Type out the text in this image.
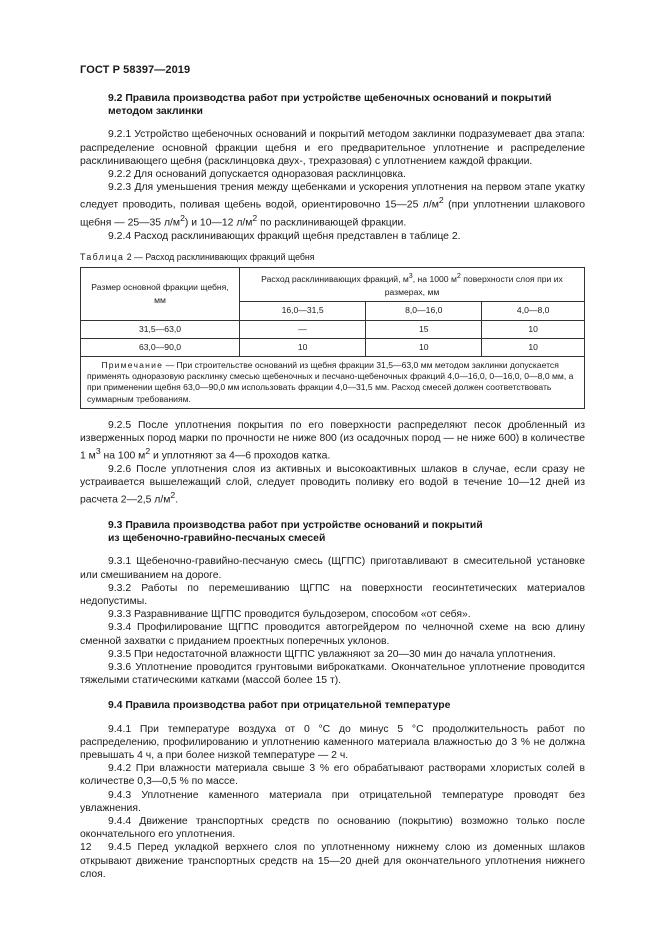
ГОСТ Р 58397—2019
9.2 Правила производства работ при устройстве щебеночных оснований и покрытий
методом заклинки

9.2.1 Устройство щебеночных оснований и покрытий методом заклинки подразумевает два этапа: распределение основной фракции щебня и его предварительное уплотнение и распределение расклинивающего щебня (расклинцовка двух-, трехразовая) с уплотнением каждой фракции.

9.2.2 Для оснований допускается одноразовая расклинцовка.

9.2.3 Для уменьшения трения между щебенками и ускорения уплотнения на первом этапе укатку следует проводить, поливая щебень водой, ориентировочно 15—25 $л/м^2$ (при уплотнении шлакового щебня — 25—35 $л/м^2$) и 10—12 $л/м^2$ по расклинивающей фракции.

9.2.4 Расход расклинивающих фракций щебня представлен в таблице 2.

Таблица 2 — Расход расклинивающих фракций щебня
Размер основной фракции щебня, мм	Расход расклинивающих фракций, $м^3$, на 1000 $м^2$ поверхности слоя при их размерах, мм		
	16,0—31,5	8,0—16,0	4,0—8,0
31,5—63,0	—	15	10
63,0—90,0	10	10	10
Примечание — При строительстве оснований из щебня фракции 31,5—63,0 мм методом заклинки допускается применять одноразовую расклинку смесью щебеночных и песчано-щебеночных фракций 4,0—16,0, 0—16,0, 0—8,0 мм, а при применении щебня 63,0—90,0 мм использовать фракции 4,0—31,5 мм. Расход смесей должен соответствовать суммарным требованиям.			

9.2.5 После уплотнения покрытия по его поверхности распределяют песок дробленный из изверженных пород марки по прочности не ниже 800 (из осадочных пород — не ниже 600) в количестве 1 $м^3$ на 100 $м^2$ и уплотняют за 4—6 проходов катка.

9.2.6 После уплотнения слоя из активных и высокоактивных шлаков в случае, если сразу не устраивается вышележащий слой, следует проводить поливку его водой в течение 10—12 дней из расчета 2—2,5 $л/м^2$.

9.3 Правила производства работ при устройстве оснований и покрытий
из щебеночно-гравийно-песчаных смесей

9.3.1 Щебеночно-гравийно-песчаную смесь (ЩГПС) приготавливают в смесительной установке или смешиванием на дороге.

9.3.2 Работы по перемешиванию ЩГПС на поверхности геосинтетических материалов недопустимы.

9.3.3 Разравнивание ЩГПС проводится бульдозером, способом «от себя».

9.3.4 Профилирование ЩГПС проводится автогрейдером по челночной схеме на всю длину сменной захватки с приданием проектных поперечных уклонов.

9.3.5 При недостаточной влажности ЩГПС увлажняют за 20—30 мин до начала уплотнения.

9.3.6 Уплотнение проводится грунтовыми виброкатками. Окончательное уплотнение проводится тяжелыми статическими катками (массой более 15 т).

9.4 Правила производства работ при отрицательной температуре

9.4.1 При температуре воздуха от 0 °С до минус 5 °С продолжительность работ по распределению, профилированию и уплотнению каменного материала влажностью до 3 % не должна превышать 4 ч, а при более низкой температуре — 2 ч.

9.4.2 При влажности материала свыше 3 % его обрабатывают растворами хлористых солей в количестве 0,3—0,5 % по массе.

9.4.3 Уплотнение каменного материала при отрицательной температуре проводят без увлажнения.

9.4.4 Движение транспортных средств по основанию (покрытию) возможно только после окончательного его уплотнения.

9.4.5 Перед укладкой верхнего слоя по уплотненному нижнему слою из доменных шлаков открывают движение транспортных средств на 15—20 дней для окончательного уплотнения нижнего слоя.

12
